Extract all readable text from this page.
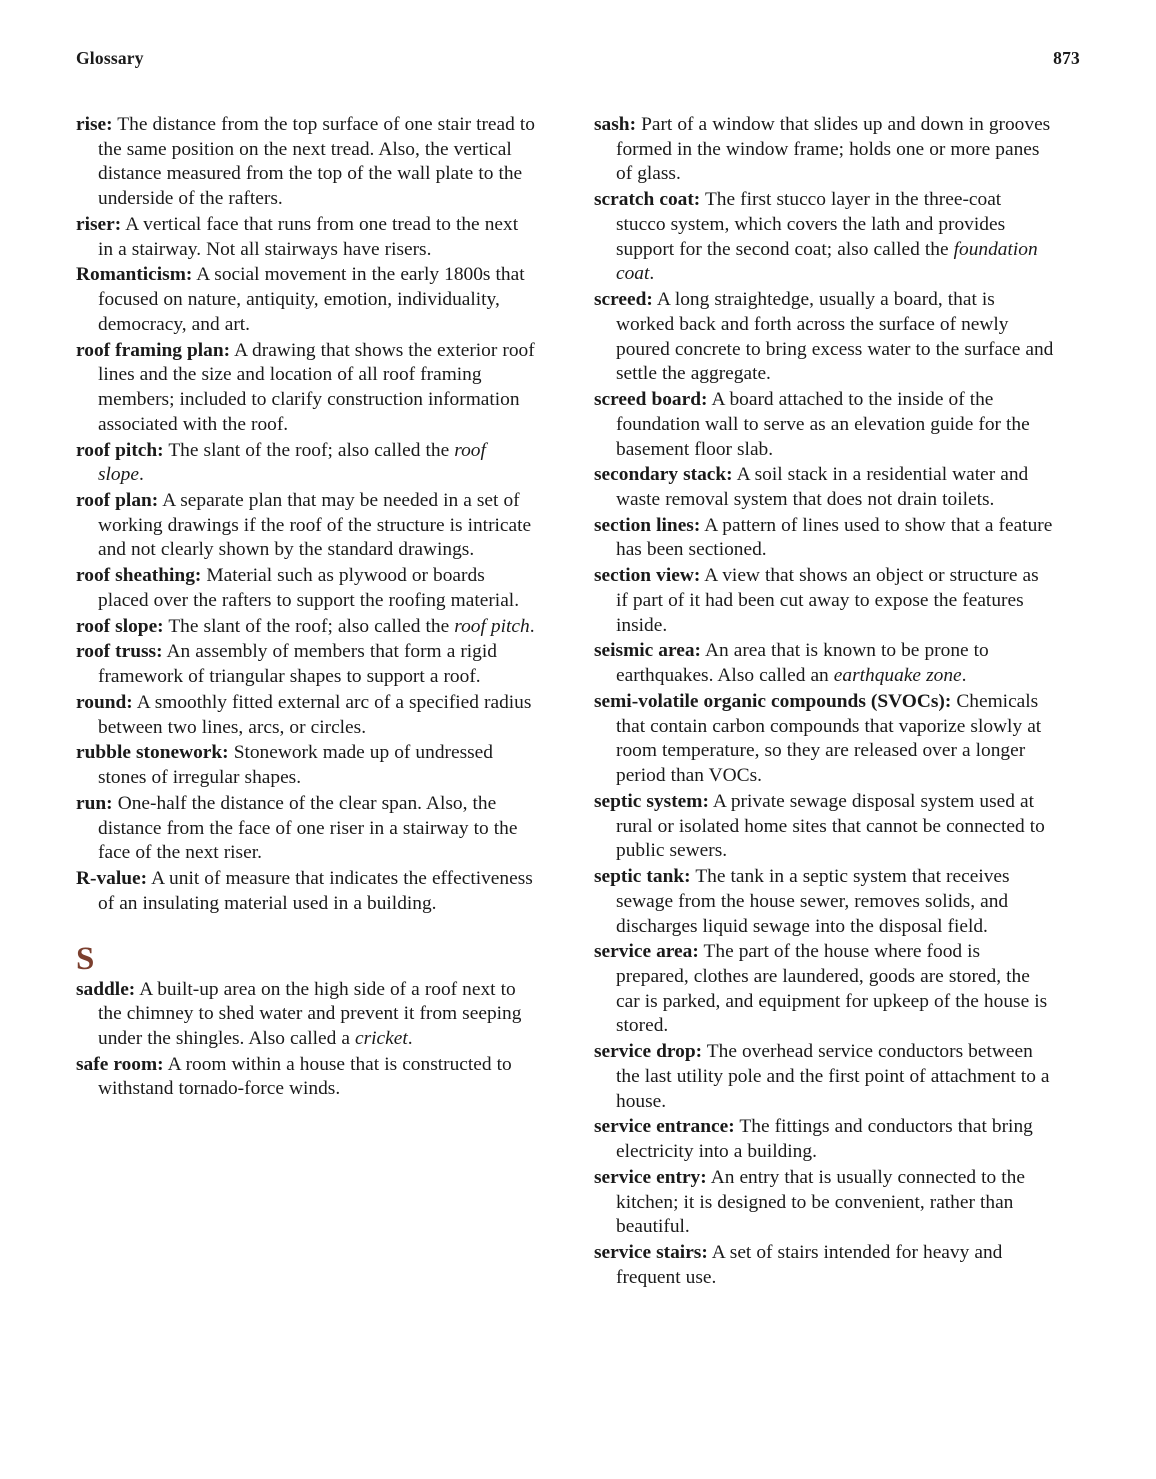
Glossary	873

rise: The distance from the top surface of one stair tread to the same position on the next tread. Also, the vertical distance measured from the top of the wall plate to the underside of the rafters.

riser: A vertical face that runs from one tread to the next in a stairway. Not all stairways have risers.

Romanticism: A social movement in the early 1800s that focused on nature, antiquity, emotion, individuality, democracy, and art.

roof framing plan: A drawing that shows the exterior roof lines and the size and location of all roof framing members; included to clarify construction information associated with the roof.

roof pitch: The slant of the roof; also called the roof slope.

roof plan: A separate plan that may be needed in a set of working drawings if the roof of the structure is intricate and not clearly shown by the standard drawings.

roof sheathing: Material such as plywood or boards placed over the rafters to support the roofing material.

roof slope: The slant of the roof; also called the roof pitch.

roof truss: An assembly of members that form a rigid framework of triangular shapes to support a roof.

round: A smoothly fitted external arc of a specified radius between two lines, arcs, or circles.

rubble stonework: Stonework made up of undressed stones of irregular shapes.

run: One-half the distance of the clear span. Also, the distance from the face of one riser in a stairway to the face of the next riser.

R-value: A unit of measure that indicates the effectiveness of an insulating material used in a building.

S

saddle: A built-up area on the high side of a roof next to the chimney to shed water and prevent it from seeping under the shingles. Also called a cricket.

safe room: A room within a house that is constructed to withstand tornado-force winds.

sash: Part of a window that slides up and down in grooves formed in the window frame; holds one or more panes of glass.

scratch coat: The first stucco layer in the three-coat stucco system, which covers the lath and provides support for the second coat; also called the foundation coat.

screed: A long straightedge, usually a board, that is worked back and forth across the surface of newly poured concrete to bring excess water to the surface and settle the aggregate.

screed board: A board attached to the inside of the foundation wall to serve as an elevation guide for the basement floor slab.

secondary stack: A soil stack in a residential water and waste removal system that does not drain toilets.

section lines: A pattern of lines used to show that a feature has been sectioned.

section view: A view that shows an object or structure as if part of it had been cut away to expose the features inside.

seismic area: An area that is known to be prone to earthquakes. Also called an earthquake zone.

semi-volatile organic compounds (SVOCs): Chemicals that contain carbon compounds that vaporize slowly at room temperature, so they are released over a longer period than VOCs.

septic system: A private sewage disposal system used at rural or isolated home sites that cannot be connected to public sewers.

septic tank: The tank in a septic system that receives sewage from the house sewer, removes solids, and discharges liquid sewage into the disposal field.

service area: The part of the house where food is prepared, clothes are laundered, goods are stored, the car is parked, and equipment for upkeep of the house is stored.

service drop: The overhead service conductors between the last utility pole and the first point of attachment to a house.

service entrance: The fittings and conductors that bring electricity into a building.

service entry: An entry that is usually connected to the kitchen; it is designed to be convenient, rather than beautiful.

service stairs: A set of stairs intended for heavy and frequent use.
